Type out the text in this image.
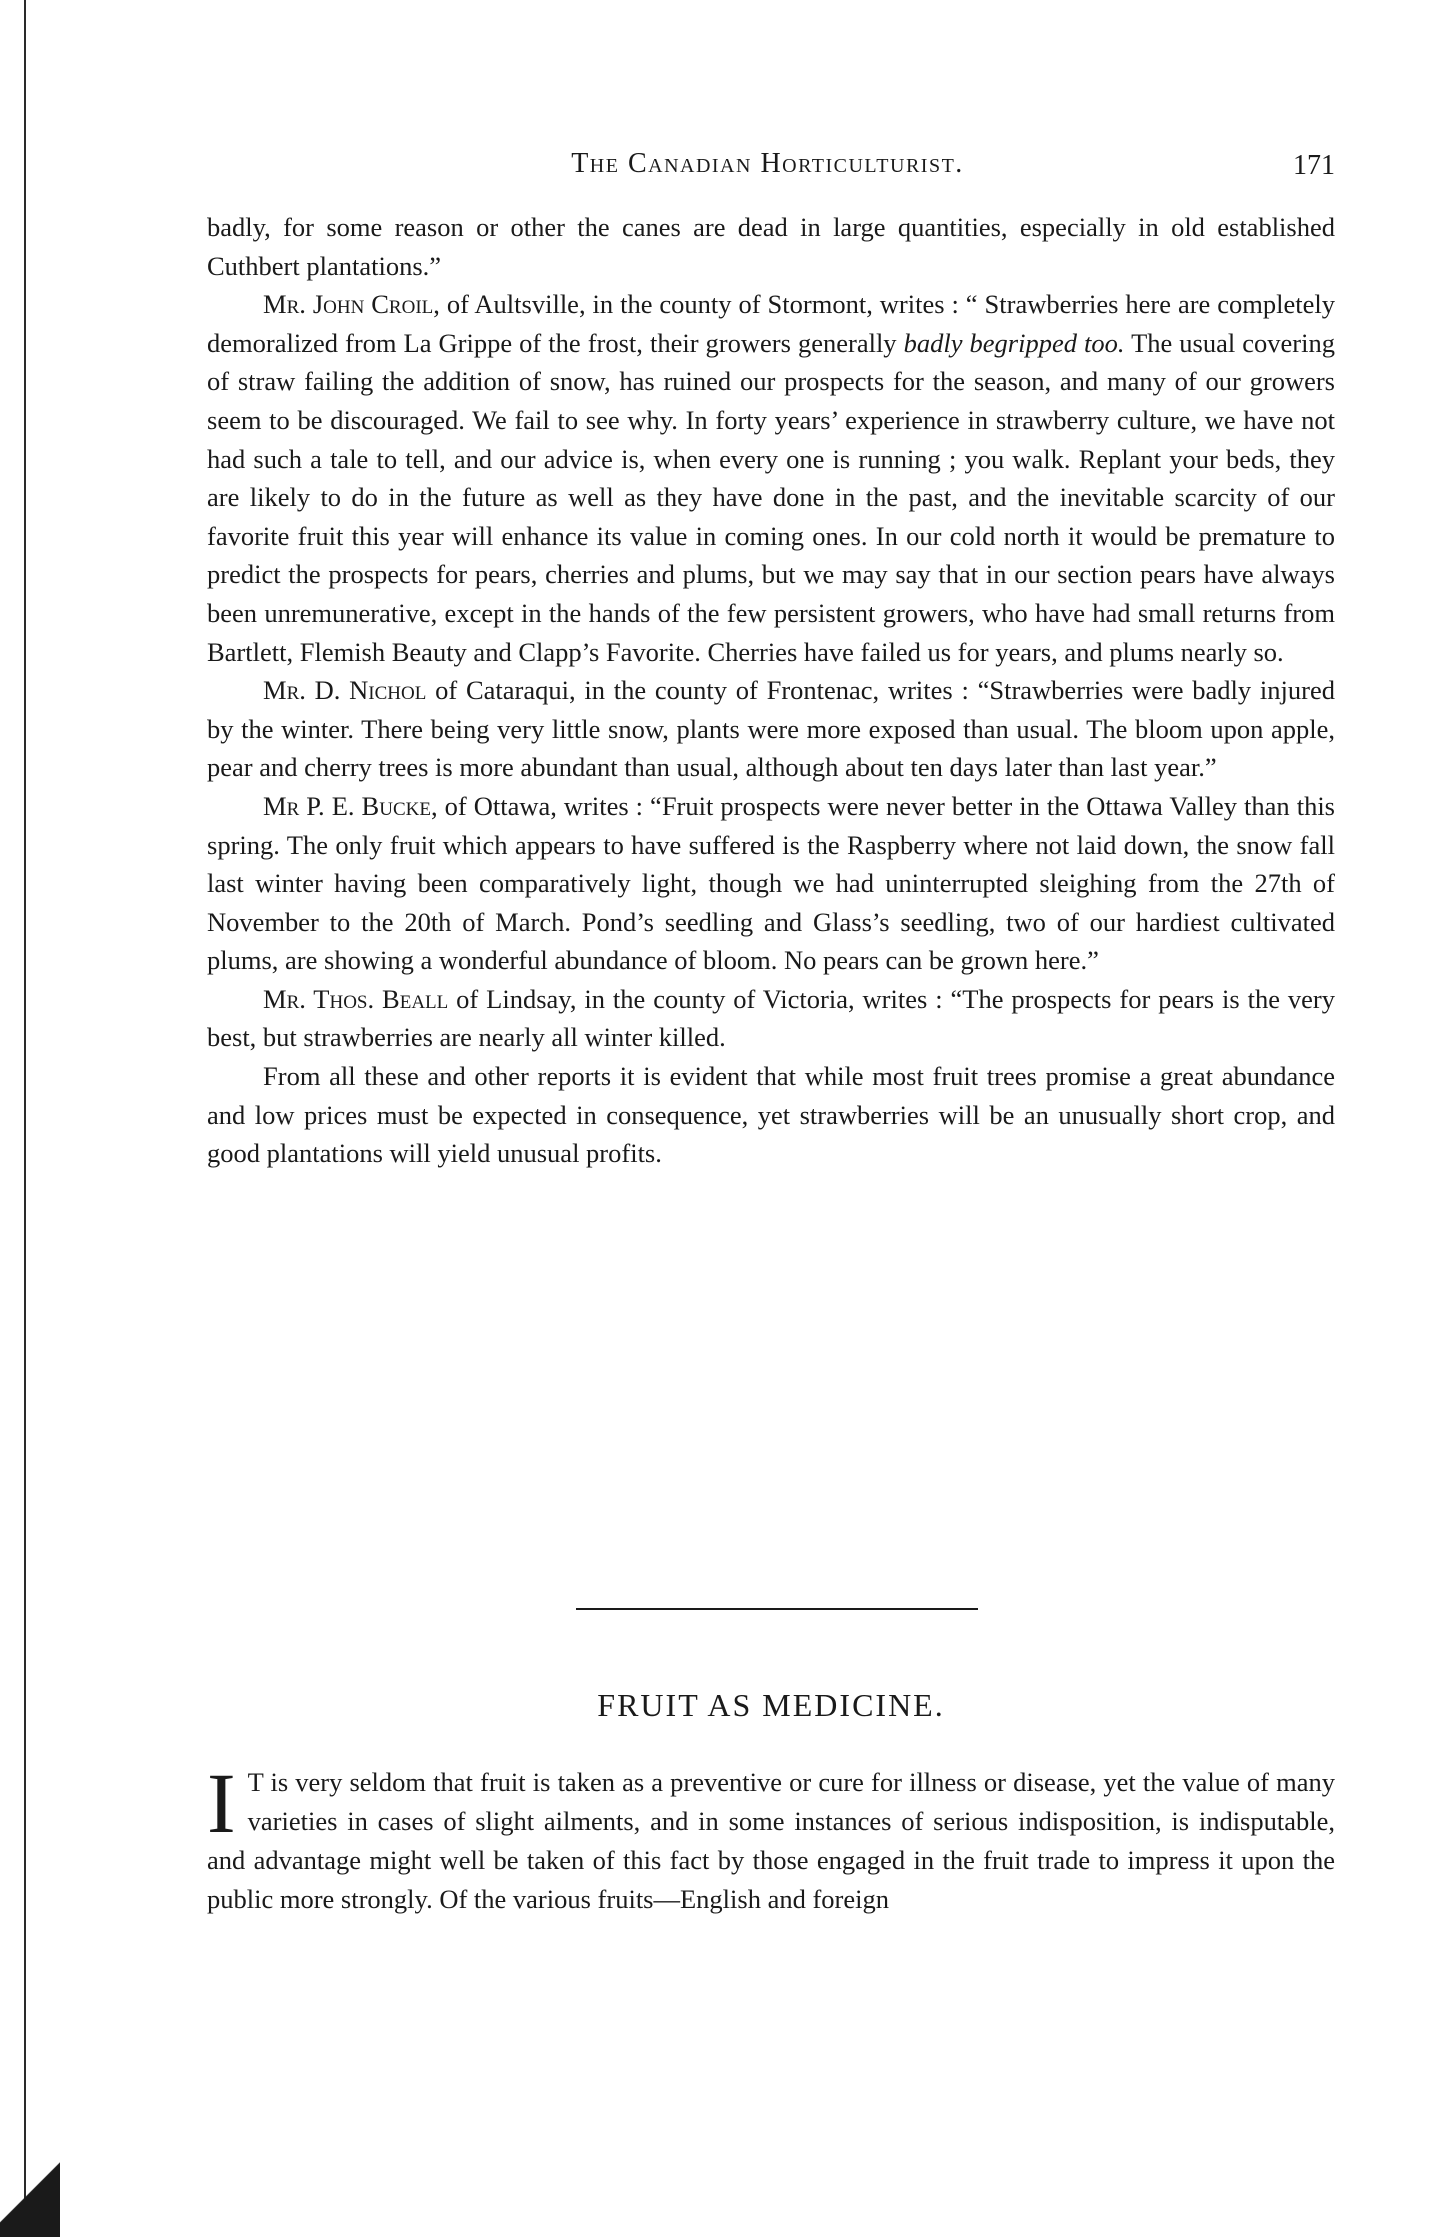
The Canadian Horticulturist.	171

badly, for some reason or other the canes are dead in large quantities, especially in old established Cuthbert plantations.”

Mr. John Croil, of Aultsville, in the county of Stormont, writes : “ Strawberries here are completely demoralized from La Grippe of the frost, their growers generally badly begripped too. The usual covering of straw failing the addition of snow, has ruined our prospects for the season, and many of our growers seem to be discouraged. We fail to see why. In forty years’ experience in strawberry culture, we have not had such a tale to tell, and our advice is, when every one is running ; you walk. Replant your beds, they are likely to do in the future as well as they have done in the past, and the inevitable scarcity of our favorite fruit this year will enhance its value in coming ones. In our cold north it would be premature to predict the prospects for pears, cherries and plums, but we may say that in our section pears have always been unremunerative, except in the hands of the few persistent growers, who have had small returns from Bartlett, Flemish Beauty and Clapp’s Favorite. Cherries have failed us for years, and plums nearly so.

Mr. D. Nichol of Cataraqui, in the county of Frontenac, writes : “Strawberries were badly injured by the winter. There being very little snow, plants were more exposed than usual. The bloom upon apple, pear and cherry trees is more abundant than usual, although about ten days later than last year.”

Mr P. E. Bucke, of Ottawa, writes : “Fruit prospects were never better in the Ottawa Valley than this spring. The only fruit which appears to have suffered is the Raspberry where not laid down, the snow fall last winter having been comparatively light, though we had uninterrupted sleighing from the 27th of November to the 20th of March. Pond’s seedling and Glass’s seedling, two of our hardiest cultivated plums, are showing a wonderful abundance of bloom. No pears can be grown here.”

Mr. Thos. Beall of Lindsay, in the county of Victoria, writes : “The prospects for pears is the very best, but strawberries are nearly all winter killed.

From all these and other reports it is evident that while most fruit trees promise a great abundance and low prices must be expected in consequence, yet strawberries will be an unusually short crop, and good plantations will yield unusual profits.

FRUIT AS MEDICINE.

I T is very seldom that fruit is taken as a preventive or cure for illness or disease, yet the value of many varieties in cases of slight ailments, and in some instances of serious indisposition, is indisputable, and advantage might well be taken of this fact by those engaged in the fruit trade to impress it upon the public more strongly. Of the various fruits—English and foreign
